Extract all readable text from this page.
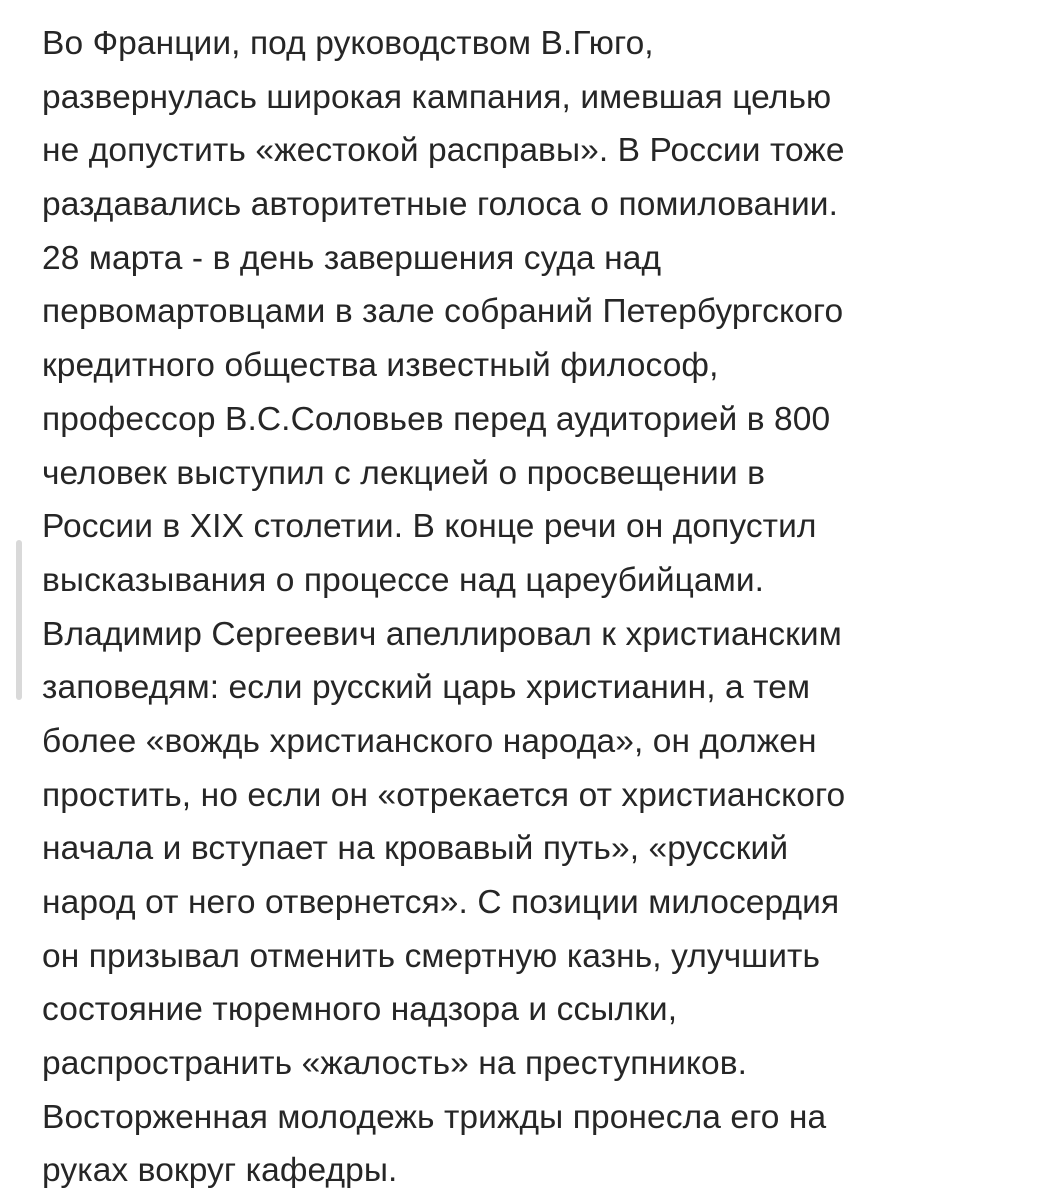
Во Франции, под руководством В.Гюго,
развернулась широкая кампания, имевшая целью
не допустить «жестокой расправы». В России тоже
раздавались авторитетные голоса о помиловании.
28 марта - в день завершения суда над
первомартовцами в зале собраний Петербургского
кредитного общества известный философ,
профессор В.С.Соловьев перед аудиторией в 800
человек выступил с лекцией о просвещении в
России в XIX столетии. В конце речи он допустил
высказывания о процессе над цареубийцами.
Владимир Сергеевич апеллировал к христианским
заповедям: если русский царь христианин, а тем
более «вождь христианского народа», он должен
простить, но если он «отрекается от христианского
начала и вступает на кровавый путь», «русский
народ от него отвернется». С позиции милосердия
он призывал отменить смертную казнь, улучшить
состояние тюремного надзора и ссылки,
распространить «жалость» на преступников.
Восторженная молодежь трижды пронесла его на
руках вокруг кафедры.
